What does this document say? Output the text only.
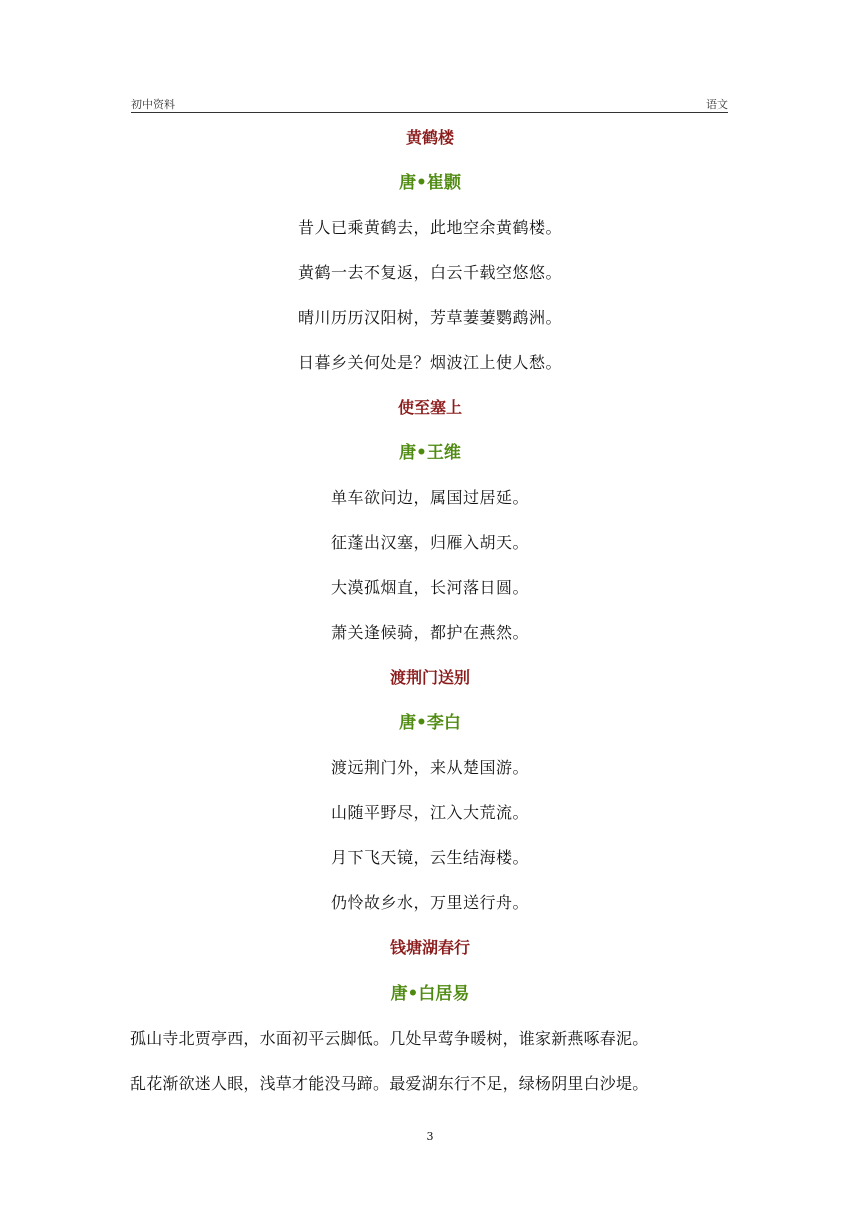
初中资料	语文
黄鹤楼
唐•崔颢
昔人已乘黄鹤去，此地空余黄鹤楼。
黄鹤一去不复返，白云千载空悠悠。
晴川历历汉阳树，芳草萋萋鹦鹉洲。
日暮乡关何处是？烟波江上使人愁。
使至塞上
唐•王维
单车欲问边，属国过居延。
征蓬出汉塞，归雁入胡天。
大漠孤烟直，长河落日圆。
萧关逢候骑，都护在燕然。
渡荆门送别
唐•李白
渡远荆门外，来从楚国游。
山随平野尽，江入大荒流。
月下飞天镜，云生结海楼。
仍怜故乡水，万里送行舟。
钱塘湖春行
唐•白居易
孤山寺北贾亭西，水面初平云脚低。几处早莺争暖树，谁家新燕啄春泥。
乱花渐欲迷人眼，浅草才能没马蹄。最爱湖东行不足，绿杨阴里白沙堤。
3
